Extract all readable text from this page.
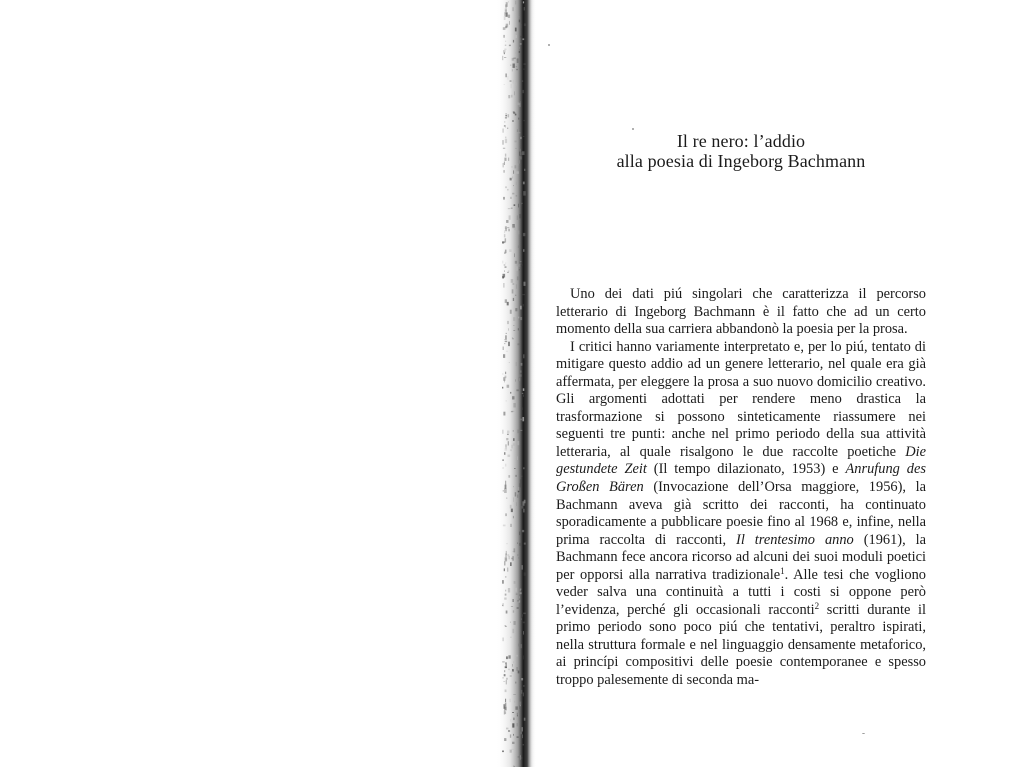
Il re nero: l’addio
alla poesia di Ingeborg Bachmann

Uno dei dati piú singolari che caratterizza il percorso letterario di Ingeborg Bachmann è il fatto che ad un certo momento della sua carriera abbandonò la poesia per la prosa.

I critici hanno variamente interpretato e, per lo piú, tentato di mitigare questo addio ad un genere letterario, nel quale era già affermata, per eleggere la prosa a suo nuovo domicilio creativo. Gli argomenti adottati per rendere meno drastica la trasformazione si possono sinteticamente riassumere nei seguenti tre punti: anche nel primo periodo della sua attività letteraria, al quale risalgono le due raccolte poetiche Die gestundete Zeit (Il tempo dilazionato, 1953) e Anrufung des Großen Bären (Invocazione dell’Orsa maggiore, 1956), la Bachmann aveva già scritto dei racconti, ha continuato sporadicamente a pubblicare poesie fino al 1968 e, infine, nella prima raccolta di racconti, Il trentesimo anno (1961), la Bachmann fece ancora ricorso ad alcuni dei suoi moduli poetici per opporsi alla narrativa tradizionale$^1$. Alle tesi che vogliono veder salva una continuità a tutti i costi si oppone però l’evidenza, perché gli occasionali racconti$^2$ scritti durante il primo periodo sono poco piú che tentativi, peraltro ispirati, nella struttura formale e nel linguaggio densamente metaforico, ai princípi compositivi delle poesie contemporanee e spesso troppo palesemente di seconda ma-
